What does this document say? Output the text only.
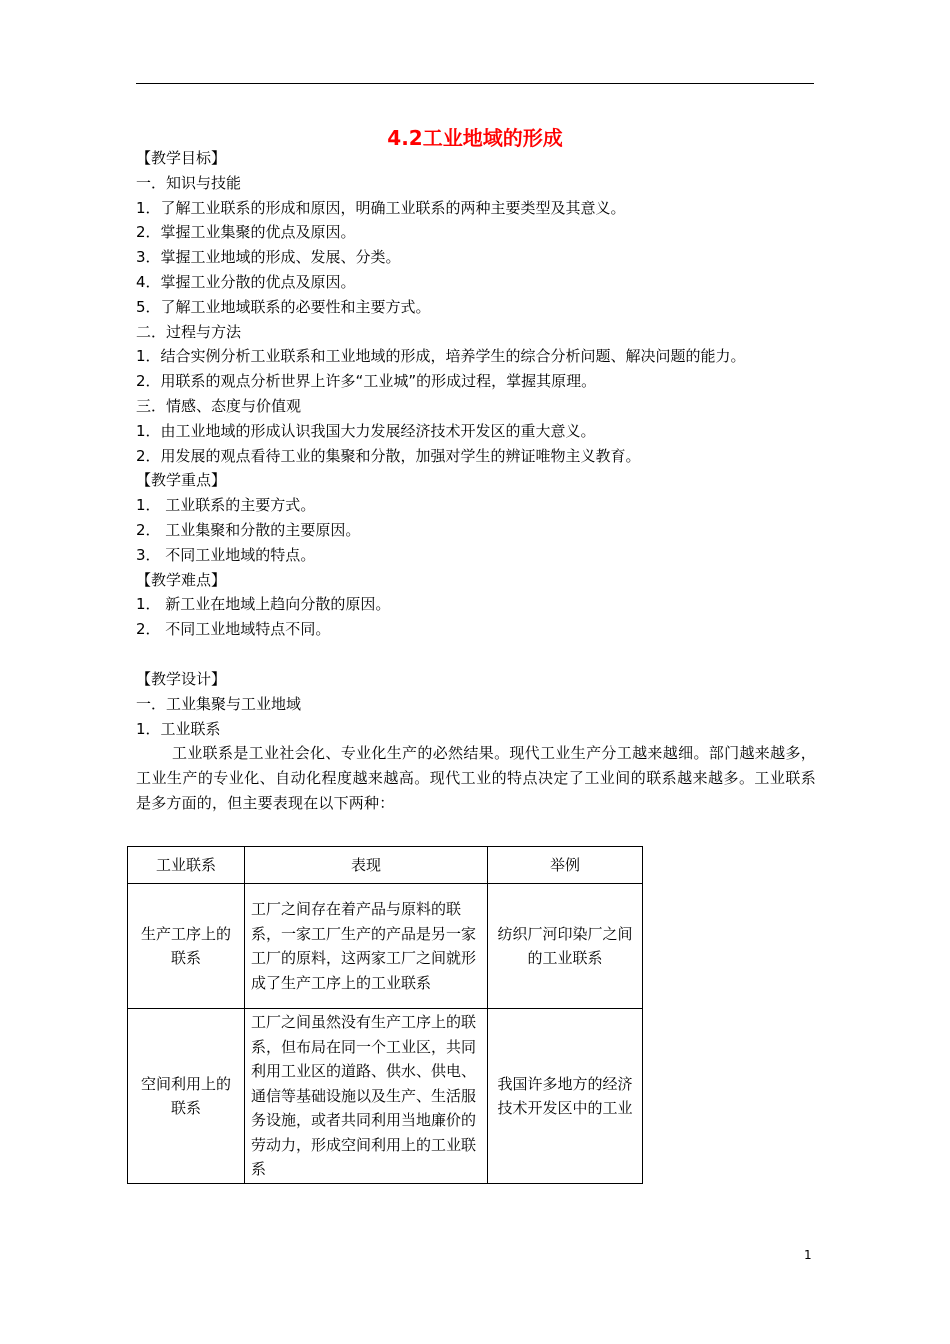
4.2工业地域的形成
【教学目标】
一．知识与技能
1．了解工业联系的形成和原因，明确工业联系的两种主要类型及其意义。
2．掌握工业集聚的优点及原因。
3．掌握工业地域的形成、发展、分类。
4．掌握工业分散的优点及原因。
5．了解工业地域联系的必要性和主要方式。
二．过程与方法
1．结合实例分析工业联系和工业地域的形成，培养学生的综合分析问题、解决问题的能力。
2．用联系的观点分析世界上许多“工业城”的形成过程，掌握其原理。
三．情感、态度与价值观
1．由工业地域的形成认识我国大力发展经济技术开发区的重大意义。
2．用发展的观点看待工业的集聚和分散，加强对学生的辨证唯物主义教育。
【教学重点】
1． 工业联系的主要方式。
2． 工业集聚和分散的主要原因。
3． 不同工业地域的特点。
【教学难点】
1． 新工业在地域上趋向分散的原因。
2． 不同工业地域特点不同。
【教学设计】
一．工业集聚与工业地域
1．工业联系

工业联系是工业社会化、专业化生产的必然结果。现代工业生产分工越来越细。部门越来越多，工业生产的专业化、自动化程度越来越高。现代工业的特点决定了工业间的联系越来越多。工业联系是多方面的，但主要表现在以下两种：

工业联系	表现	举例
生产工序上的联系	工厂之间存在着产品与原料的联系，一家工厂生产的产品是另一家工厂的原料，这两家工厂之间就形成了生产工序上的工业联系	纺织厂河印染厂之间的工业联系
空间利用上的联系	工厂之间虽然没有生产工序上的联系，但布局在同一个工业区，共同利用工业区的道路、供水、供电、通信等基础设施以及生产、生活服务设施，或者共同利用当地廉价的劳动力，形成空间利用上的工业联系	我国许多地方的经济技术开发区中的工业
1
